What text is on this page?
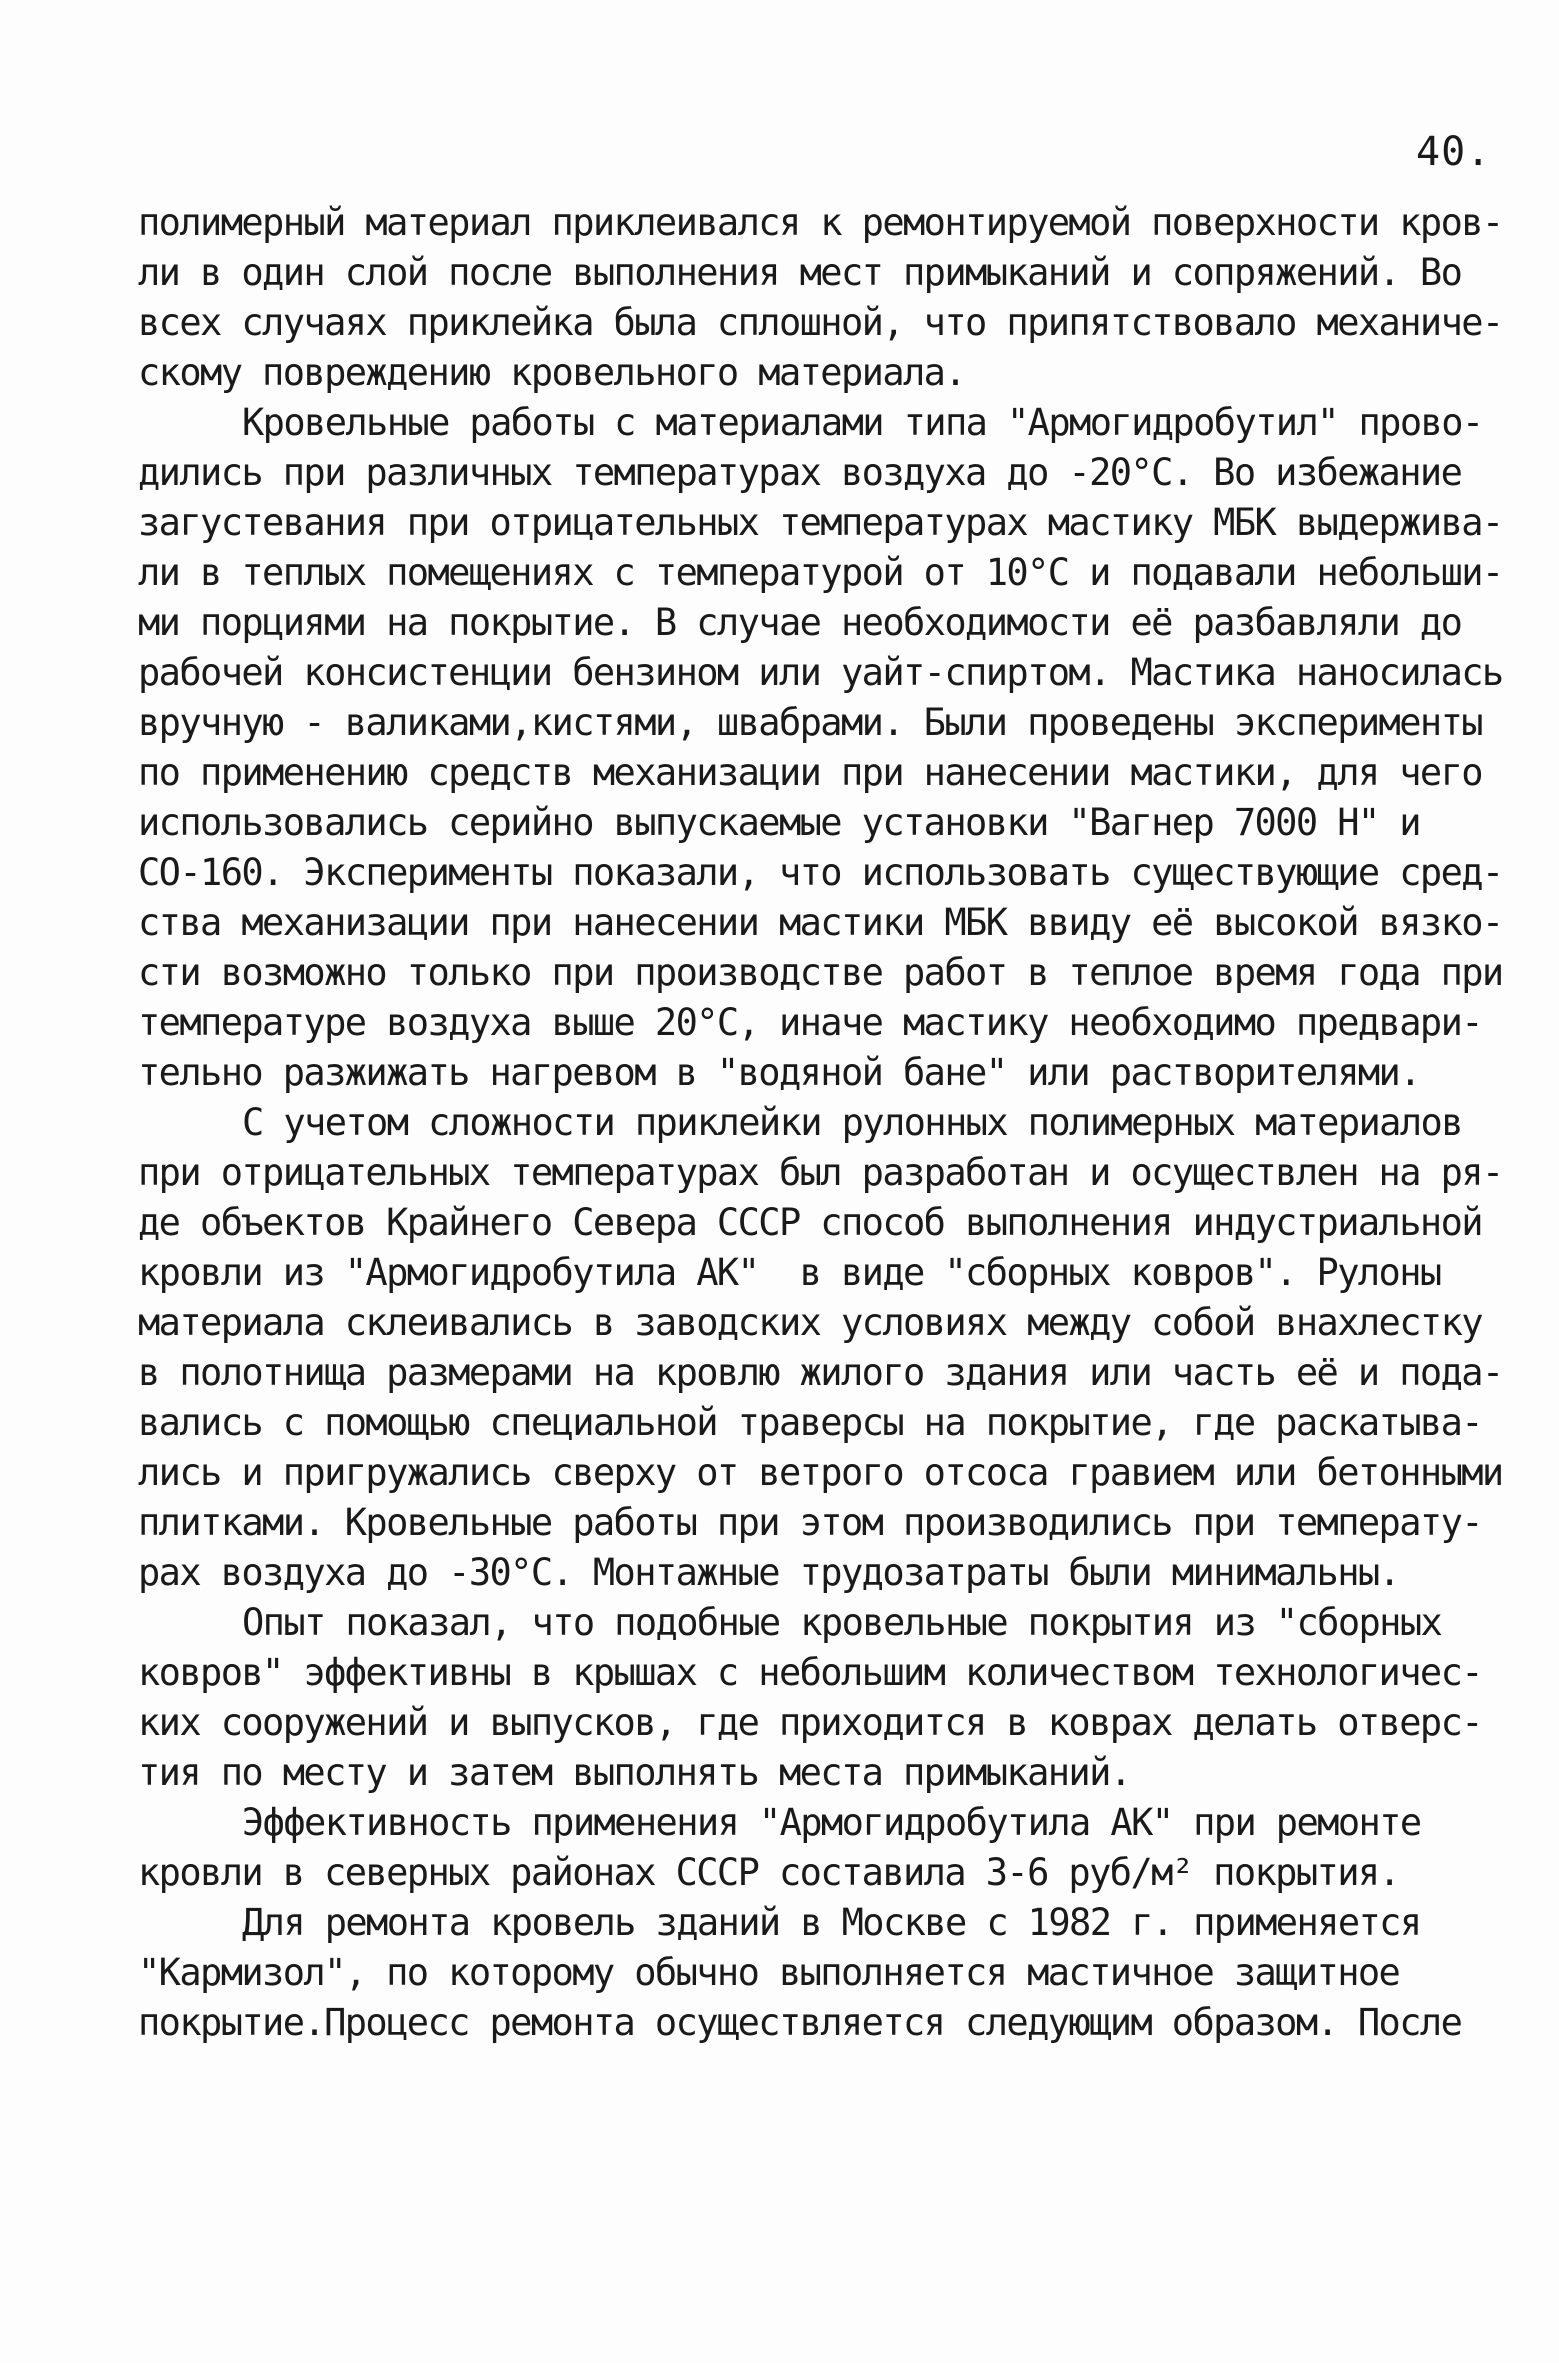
40.
полимерный материал приклеивался к ремонтируемой поверхности кров-
ли в один слой после выполнения мест примыканий и сопряжений. Во
всех случаях приклейка была сплошной, что припятствовало механиче-
скому повреждению кровельного материала.
Кровельные работы с материалами типа "Армогидробутил" прово-
дились при различных температурах воздуха до -20°С. Во избежание
загустевания при отрицательных температурах мастику МБК выдержива-
ли в теплых помещениях с температурой от 10°С и подавали небольши-
ми порциями на покрытие. В случае необходимости её разбавляли до
рабочей консистенции бензином или уайт-спиртом. Мастика наносилась
вручную - валиками,кистями, швабрами. Были проведены эксперименты
по применению средств механизации при нанесении мастики, для чего
использовались серийно выпускаемые установки "Вагнер 7000 Н" и
СО-160. Эксперименты показали, что использовать существующие сред-
ства механизации при нанесении мастики МБК ввиду её высокой вязко-
сти возможно только при производстве работ в теплое время года при
температуре воздуха выше 20°С, иначе мастику необходимо предвари-
тельно разжижать нагревом в "водяной бане" или растворителями.
С учетом сложности приклейки рулонных полимерных материалов
при отрицательных температурах был разработан и осуществлен на ря-
де объектов Крайнего Севера СССР способ выполнения индустриальной
кровли из "Армогидробутила АК"  в виде "сборных ковров". Рулоны
материала склеивались в заводских условиях между собой внахлестку
в полотнища размерами на кровлю жилого здания или часть её и пода-
вались с помощью специальной траверсы на покрытие, где раскатыва-
лись и пригружались сверху от ветрого отсоса гравием или бетонными
плитками. Кровельные работы при этом производились при температу-
рах воздуха до -30°С. Монтажные трудозатраты были минимальны.
Опыт показал, что подобные кровельные покрытия из "сборных
ковров" эффективны в крышах с небольшим количеством технологичес-
ких сооружений и выпусков, где приходится в коврах делать отверс-
тия по месту и затем выполнять места примыканий.
Эффективность применения "Армогидробутила АК" при ремонте
кровли в северных районах СССР составила 3-6 руб/м² покрытия.
Для ремонта кровель зданий в Москве с 1982 г. применяется
"Кармизол", по которому обычно выполняется мастичное защитное
покрытие.Процесс ремонта осуществляется следующим образом. После
